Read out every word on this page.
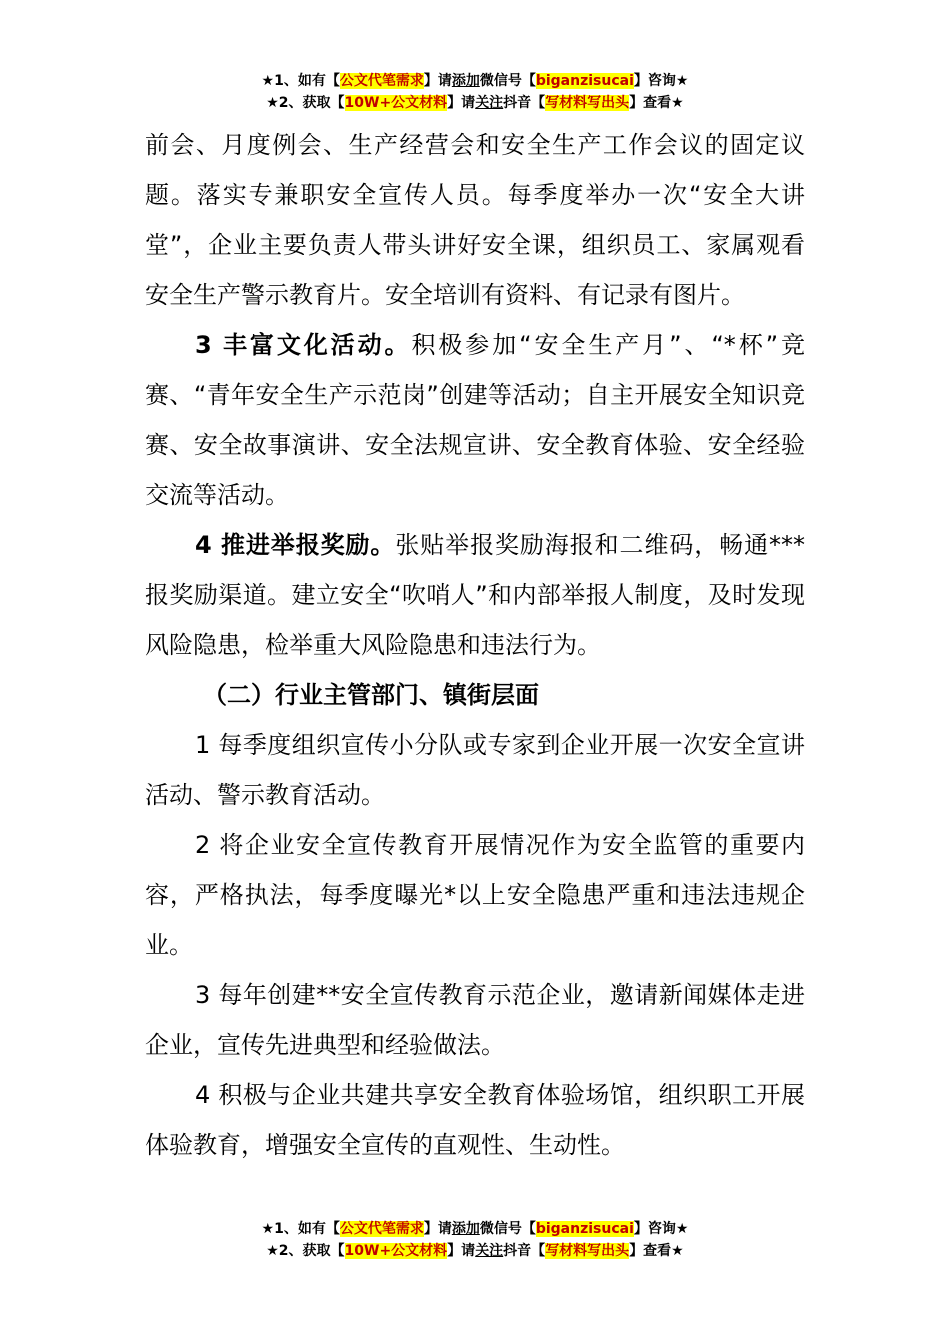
★1、如有【公文代笔需求】请添加微信号【biganzisucai】咨询★
★2、获取【10W+公文材料】请关注抖音【写材料写出头】查看★

前会、月度例会、生产经营会和安全生产工作会议的固定议题。落实专兼职安全宣传人员。每季度举办一次“安全大讲堂”，企业主要负责人带头讲好安全课，组织员工、家属观看安全生产警示教育片。安全培训有资料、有记录有图片。

3 丰富文化活动。积极参加“安全生产月”、“*杯”竞赛、“青年安全生产示范岗”创建等活动；自主开展安全知识竞赛、安全故事演讲、安全法规宣讲、安全教育体验、安全经验交流等活动。

4 推进举报奖励。张贴举报奖励海报和二维码，畅通***报奖励渠道。建立安全“吹哨人”和内部举报人制度，及时发现风险隐患，检举重大风险隐患和违法行为。

（二）行业主管部门、镇街层面

1 每季度组织宣传小分队或专家到企业开展一次安全宣讲活动、警示教育活动。

2 将企业安全宣传教育开展情况作为安全监管的重要内容，严格执法，每季度曝光*以上安全隐患严重和违法违规企业。

3 每年创建**安全宣传教育示范企业，邀请新闻媒体走进企业，宣传先进典型和经验做法。

4 积极与企业共建共享安全教育体验场馆，组织职工开展体验教育，增强安全宣传的直观性、生动性。

★1、如有【公文代笔需求】请添加微信号【biganzisucai】咨询★
★2、获取【10W+公文材料】请关注抖音【写材料写出头】查看★
